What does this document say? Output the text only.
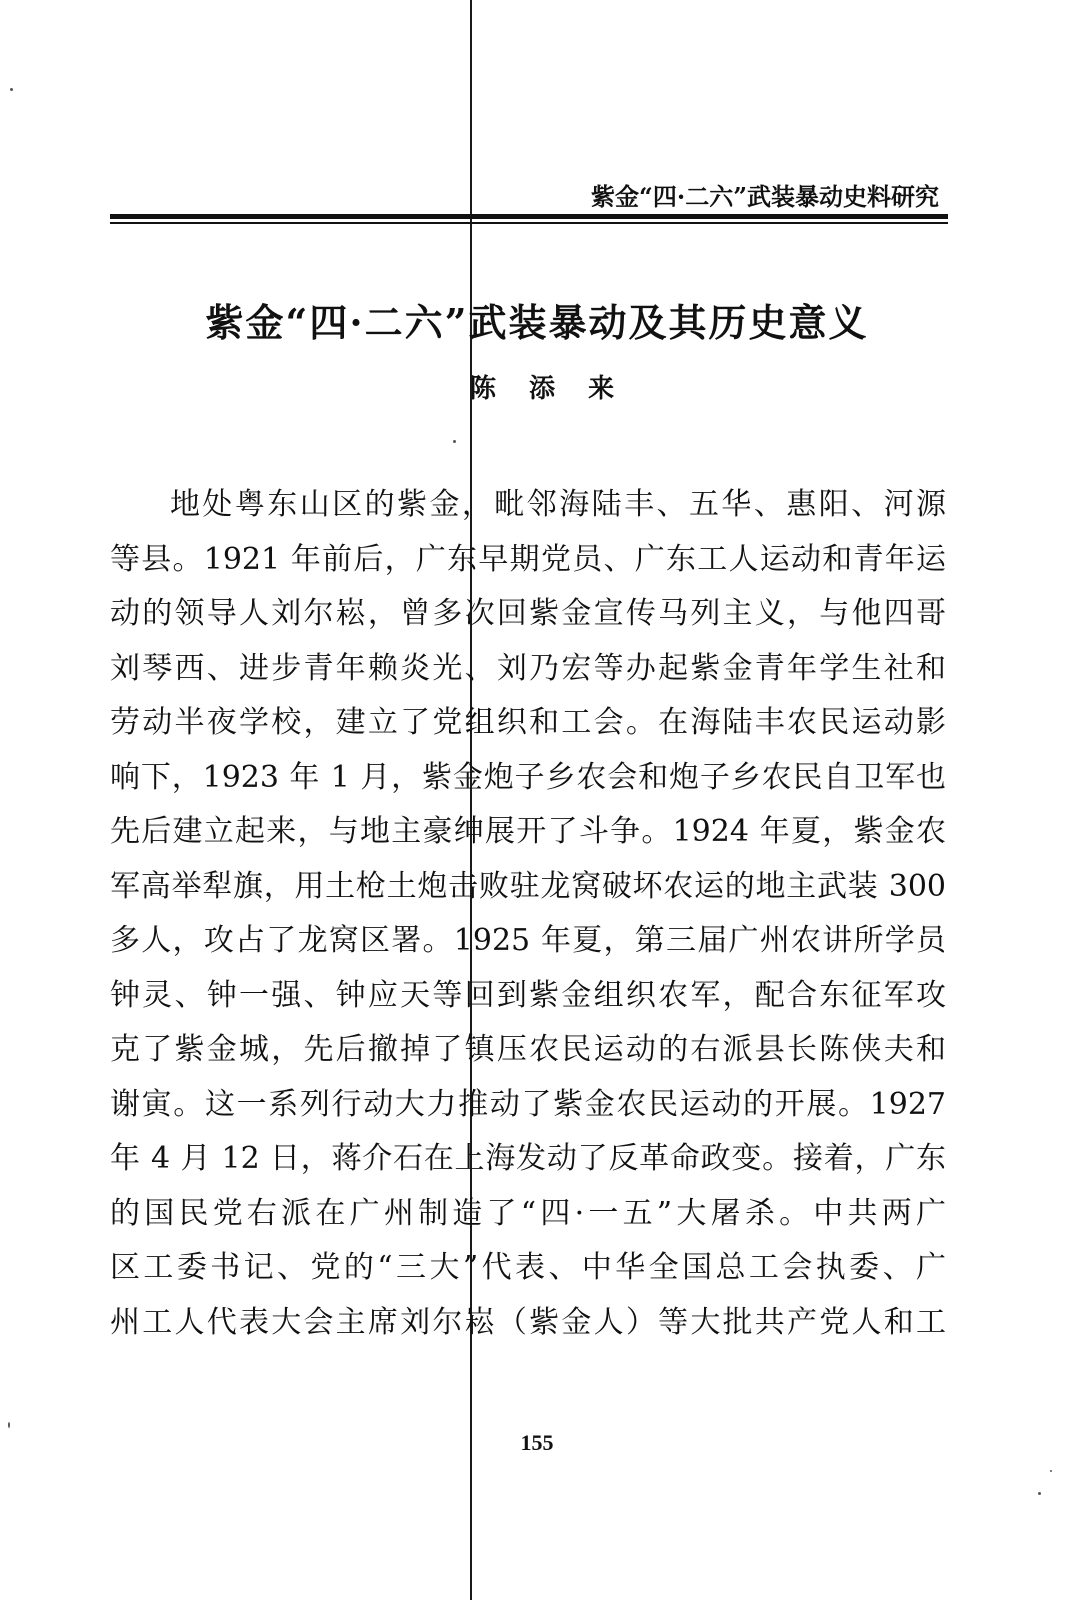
紫金“四·二六”武装暴动史料研究
紫金“四·二六”武装暴动及其历史意义
陈 添 来
地处粤东山区的紫金，毗邻海陆丰、五华、惠阳、河源
等县。1921 年前后，广东早期党员、广东工人运动和青年运
动的领导人刘尔崧，曾多次回紫金宣传马列主义，与他四哥
刘琴西、进步青年赖炎光、刘乃宏等办起紫金青年学生社和
劳动半夜学校，建立了党组织和工会。在海陆丰农民运动影
响下，1923 年 1 月，紫金炮子乡农会和炮子乡农民自卫军也
先后建立起来，与地主豪绅展开了斗争。1924 年夏，紫金农
军高举犁旗，用土枪土炮击败驻龙窝破坏农运的地主武装 300
多人，攻占了龙窝区署。1925 年夏，第三届广州农讲所学员
钟灵、钟一强、钟应天等回到紫金组织农军，配合东征军攻
克了紫金城，先后撤掉了镇压农民运动的右派县长陈侠夫和
谢寅。这一系列行动大力推动了紫金农民运动的开展。1927
年 4 月 12 日，蒋介石在上海发动了反革命政变。接着，广东
的国民党右派在广州制造了“四·一五”大屠杀。中共两广
区工委书记、党的“三大”代表、中华全国总工会执委、广
州工人代表大会主席刘尔崧（紫金人）等大批共产党人和工
155
